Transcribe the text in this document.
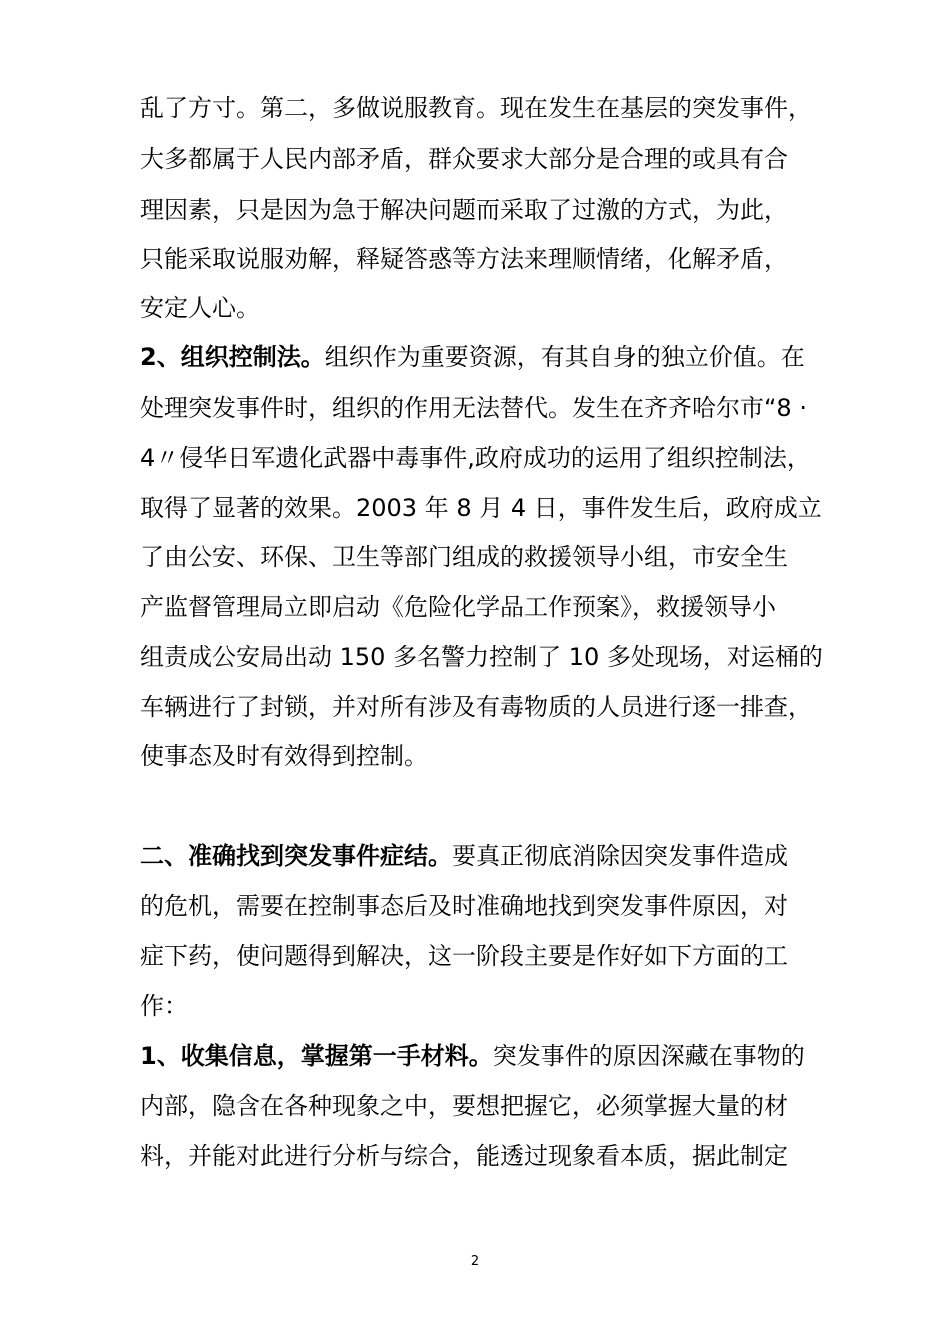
乱了方寸。第二，多做说服教育。现在发生在基层的突发事件，
大多都属于人民内部矛盾，群众要求大部分是合理的或具有合
理因素，只是因为急于解决问题而采取了过激的方式，为此，
只能采取说服劝解，释疑答惑等方法来理顺情绪，化解矛盾，
安定人心。
2、组织控制法。组织作为重要资源，有其自身的独立价值。在
处理突发事件时，组织的作用无法替代。发生在齐齐哈尔市“8 ·
4〃侵华日军遗化武器中毒事件,政府成功的运用了组织控制法，
取得了显著的效果。2003 年 8 月 4 日，事件发生后，政府成立
了由公安、环保、卫生等部门组成的救援领导小组，市安全生
产监督管理局立即启动《危险化学品工作预案》，救援领导小
组责成公安局出动 150 多名警力控制了 10 多处现场，对运桶的
车辆进行了封锁，并对所有涉及有毒物质的人员进行逐一排查，
使事态及时有效得到控制。
二、准确找到突发事件症结。要真正彻底消除因突发事件造成
的危机，需要在控制事态后及时准确地找到突发事件原因，对
症下药，使问题得到解决，这一阶段主要是作好如下方面的工
作：
1、收集信息，掌握第一手材料。突发事件的原因深藏在事物的
内部，隐含在各种现象之中，要想把握它，必须掌握大量的材
料，并能对此进行分析与综合，能透过现象看本质，据此制定
2
